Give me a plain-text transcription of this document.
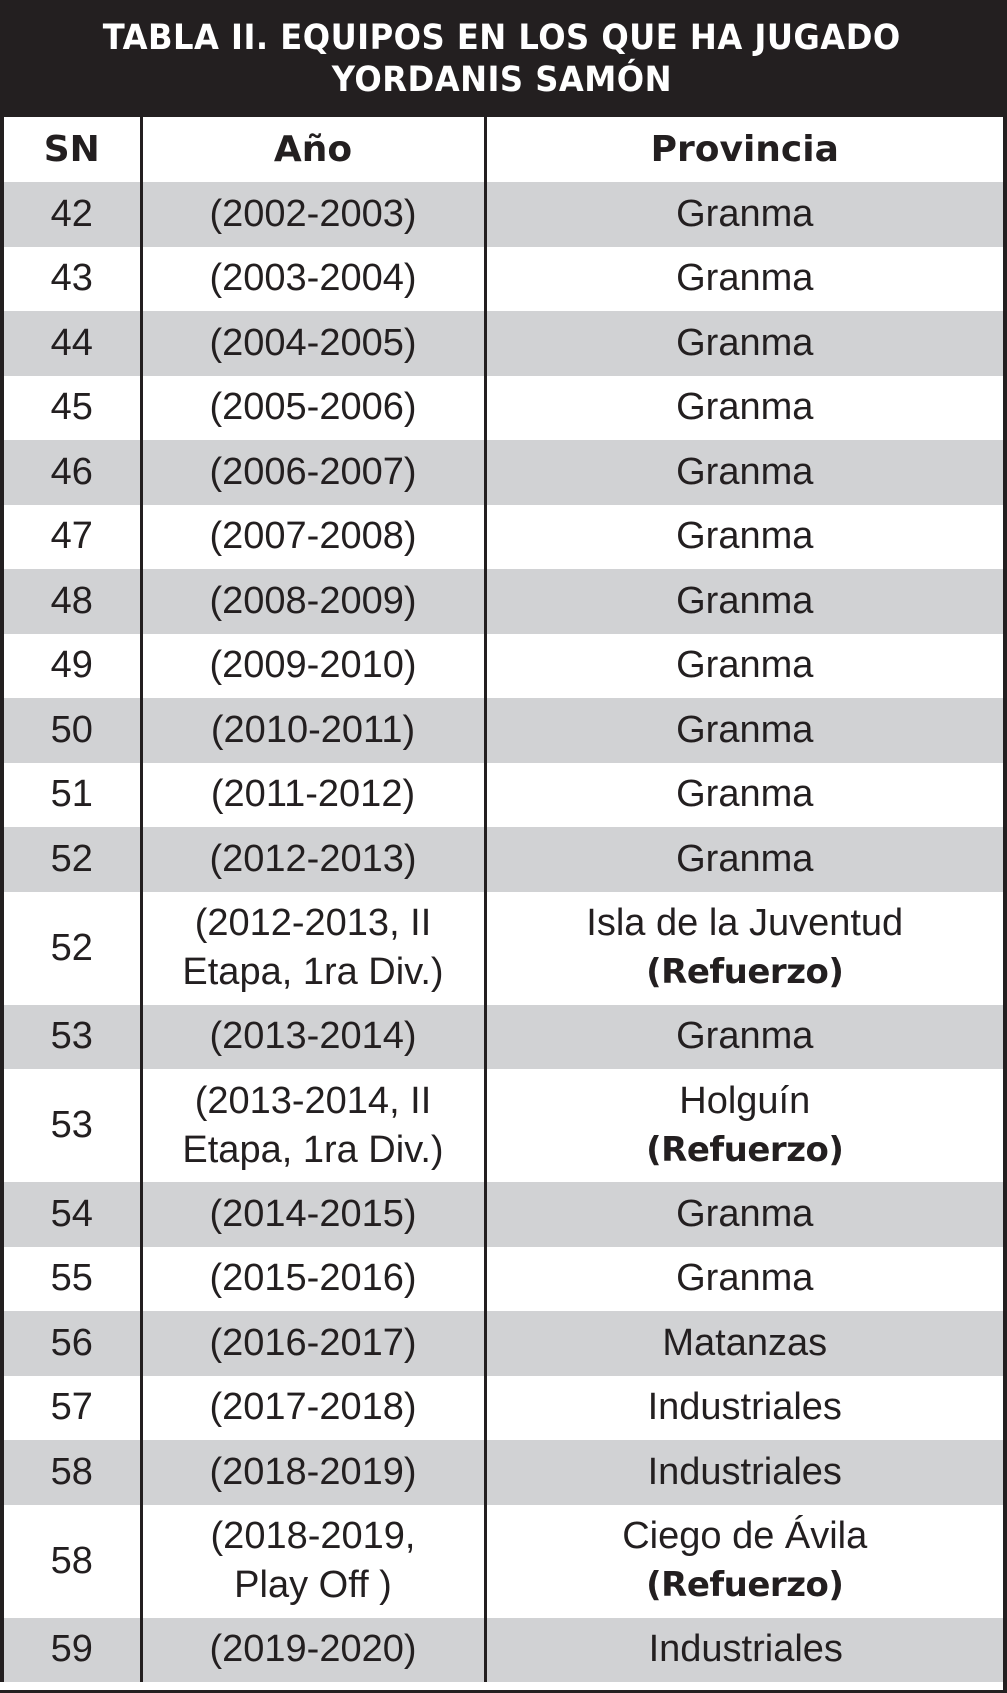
TABLA II. EQUIPOS EN LOS QUE HA JUGADO
YORDANIS SAMÓN
SN	Año	Provincia
42	(2002-2003)	Granma

43	(2003-2004)	Granma

44	(2004-2005)	Granma

45	(2005-2006)	Granma

46	(2006-2007)	Granma

47	(2007-2008)	Granma

48	(2008-2009)	Granma

49	(2009-2010)	Granma

50	(2010-2011)	Granma

51	(2011-2012)	Granma

52	(2012-2013)	Granma

52	(2012-2013, II
Etapa, 1ra Div.)	Isla de la Juventud
(Refuerzo)

53	(2013-2014)	Granma

53	(2013-2014, II
Etapa, 1ra Div.)	Holguín
(Refuerzo)

54	(2014-2015)	Granma

55	(2015-2016)	Granma

56	(2016-2017)	Matanzas

57	(2017-2018)	Industriales

58	(2018-2019)	Industriales

58	(2018-2019,
Play Off )	Ciego de Ávila
(Refuerzo)

59	(2019-2020)	Industriales
